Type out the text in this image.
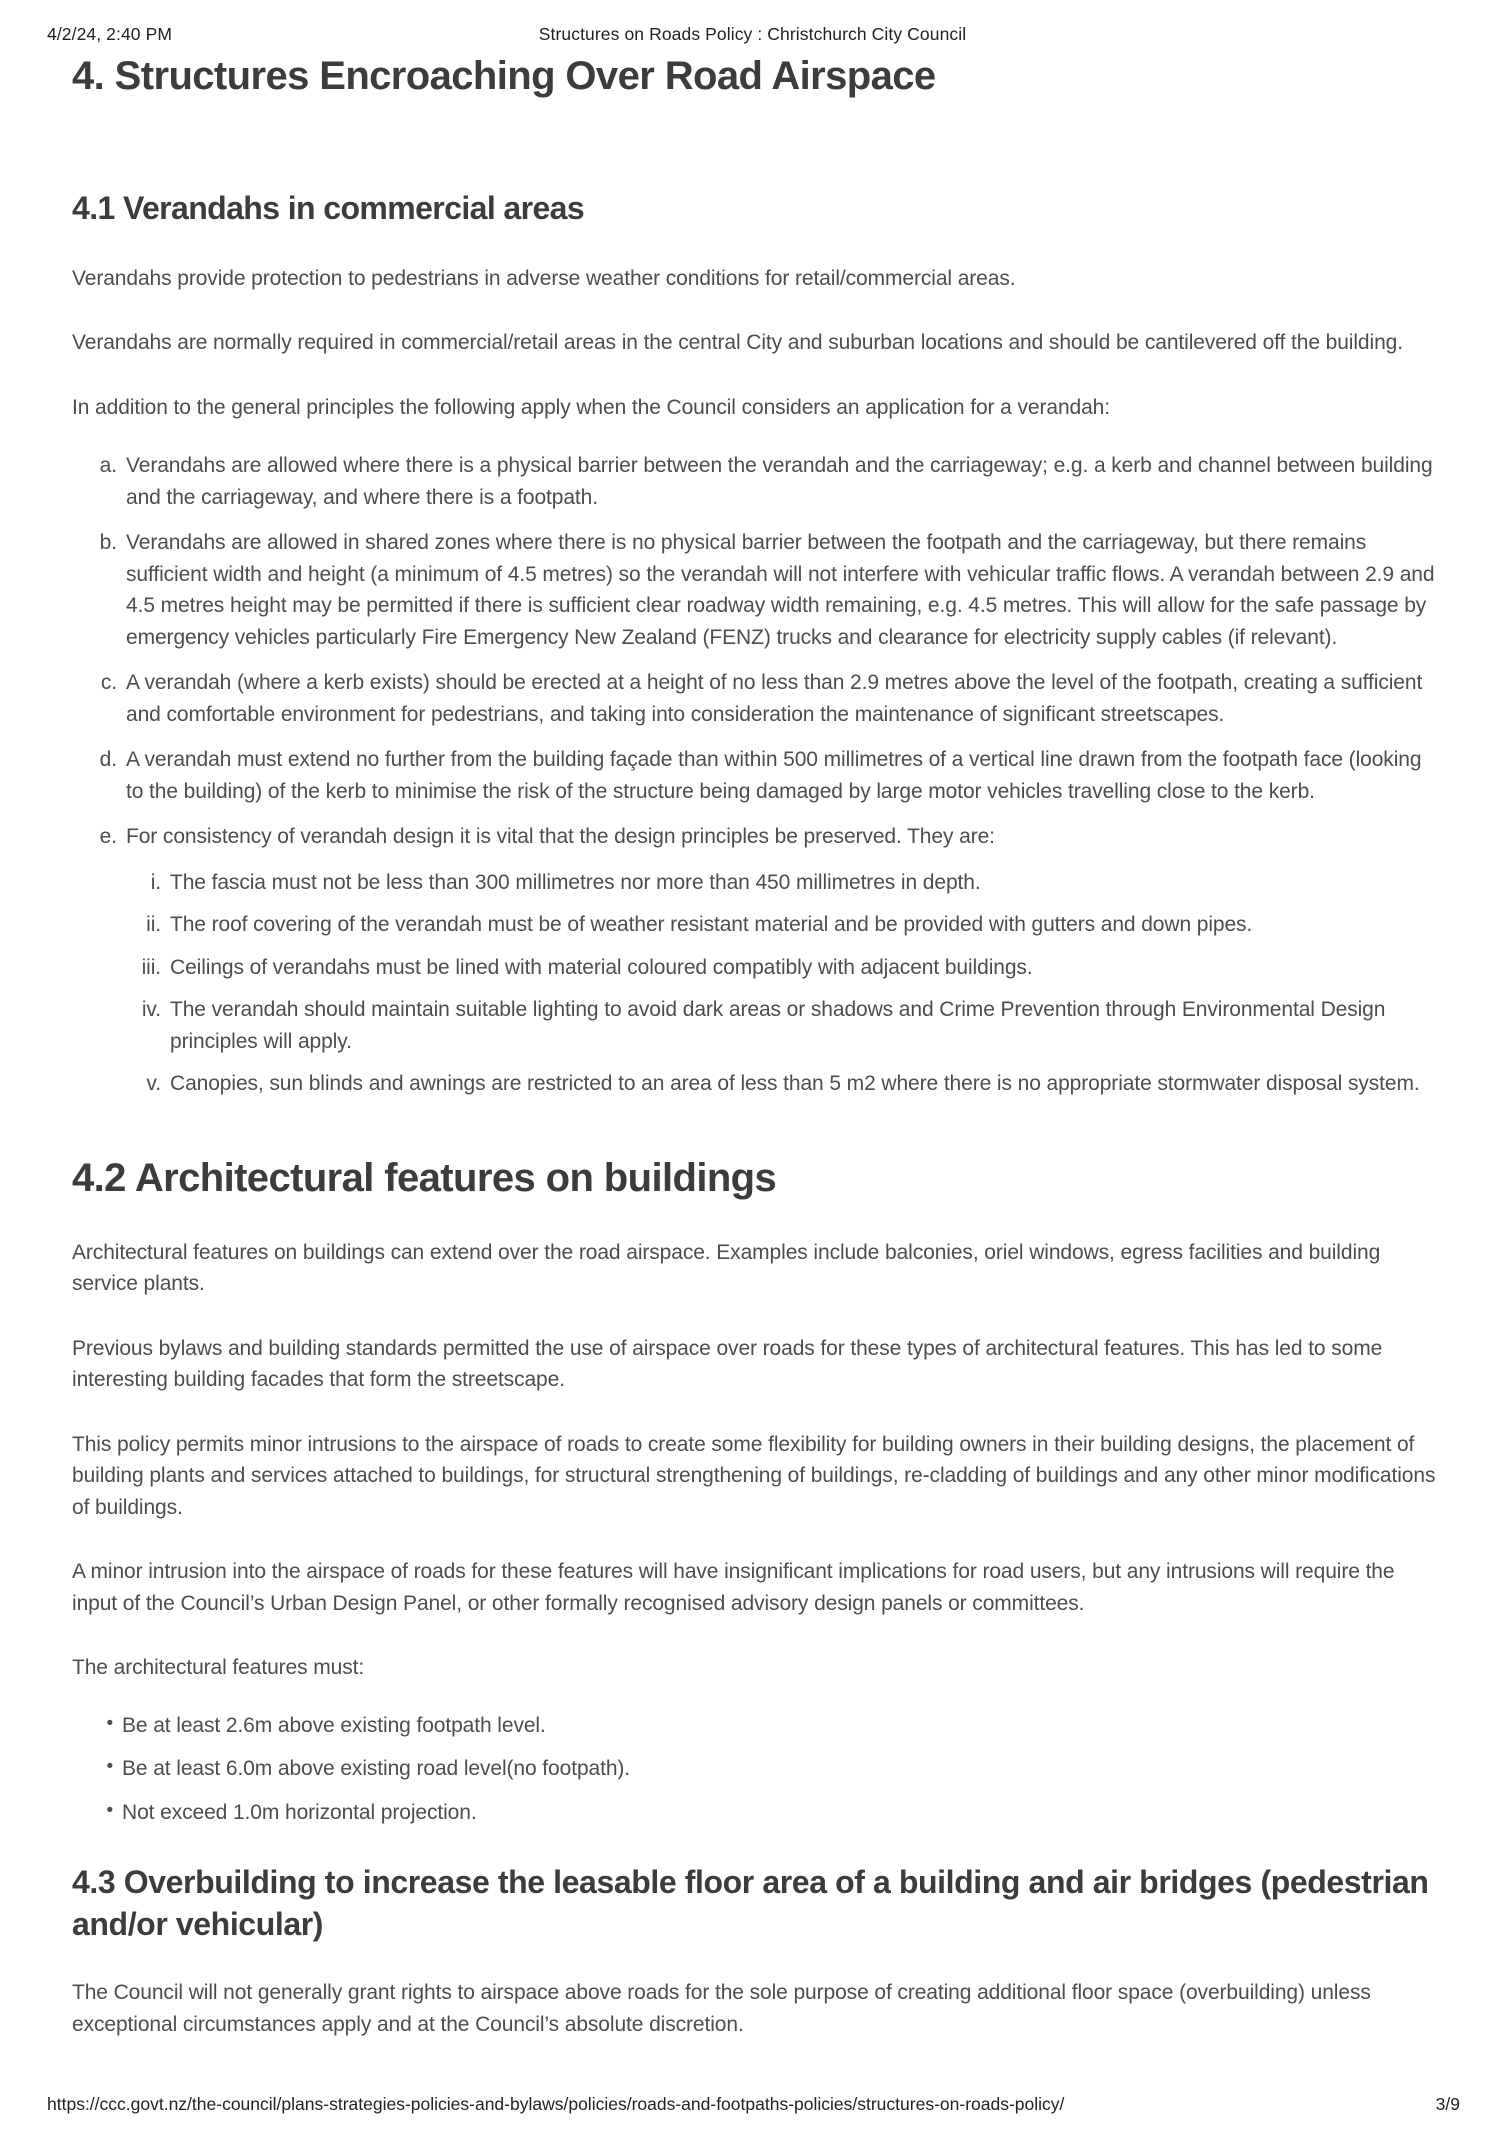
4/2/24, 2:40 PM	Structures on Roads Policy : Christchurch City Council
4. Structures Encroaching Over Road Airspace
4.1 Verandahs in commercial areas

Verandahs provide protection to pedestrians in adverse weather conditions for retail/commercial areas.

Verandahs are normally required in commercial/retail areas in the central City and suburban locations and should be cantilevered off the building.

In addition to the general principles the following apply when the Council considers an application for a verandah:

a. Verandahs are allowed where there is a physical barrier between the verandah and the carriageway; e.g. a kerb and channel between building and the carriageway, and where there is a footpath.
b. Verandahs are allowed in shared zones where there is no physical barrier between the footpath and the carriageway, but there remains sufficient width and height (a minimum of 4.5 metres) so the verandah will not interfere with vehicular traffic flows. A verandah between 2.9 and 4.5 metres height may be permitted if there is sufficient clear roadway width remaining, e.g. 4.5 metres. This will allow for the safe passage by emergency vehicles particularly Fire Emergency New Zealand (FENZ) trucks and clearance for electricity supply cables (if relevant).
c. A verandah (where a kerb exists) should be erected at a height of no less than 2.9 metres above the level of the footpath, creating a sufficient and comfortable environment for pedestrians, and taking into consideration the maintenance of significant streetscapes.
d. A verandah must extend no further from the building façade than within 500 millimetres of a vertical line drawn from the footpath face (looking to the building) of the kerb to minimise the risk of the structure being damaged by large motor vehicles travelling close to the kerb.
e. For consistency of verandah design it is vital that the design principles be preserved. They are:
i. The fascia must not be less than 300 millimetres nor more than 450 millimetres in depth.
ii. The roof covering of the verandah must be of weather resistant material and be provided with gutters and down pipes.
iii. Ceilings of verandahs must be lined with material coloured compatibly with adjacent buildings.
iv. The verandah should maintain suitable lighting to avoid dark areas or shadows and Crime Prevention through Environmental Design principles will apply.
v. Canopies, sun blinds and awnings are restricted to an area of less than 5 m2 where there is no appropriate stormwater disposal system.
4.2 Architectural features on buildings

Architectural features on buildings can extend over the road airspace. Examples include balconies, oriel windows, egress facilities and building service plants.

Previous bylaws and building standards permitted the use of airspace over roads for these types of architectural features. This has led to some interesting building facades that form the streetscape.

This policy permits minor intrusions to the airspace of roads to create some flexibility for building owners in their building designs, the placement of building plants and services attached to buildings, for structural strengthening of buildings, re-cladding of buildings and any other minor modifications of buildings.

A minor intrusion into the airspace of roads for these features will have insignificant implications for road users, but any intrusions will require the input of the Council’s Urban Design Panel, or other formally recognised advisory design panels or committees.

The architectural features must:

• Be at least 2.6m above existing footpath level.
• Be at least 6.0m above existing road level(no footpath).
• Not exceed 1.0m horizontal projection.
4.3 Overbuilding to increase the leasable floor area of a building and air bridges (pedestrian and/or vehicular)

The Council will not generally grant rights to airspace above roads for the sole purpose of creating additional floor space (overbuilding) unless exceptional circumstances apply and at the Council’s absolute discretion.

https://ccc.govt.nz/the-council/plans-strategies-policies-and-bylaws/policies/roads-and-footpaths-policies/structures-on-roads-policy/	3/9
